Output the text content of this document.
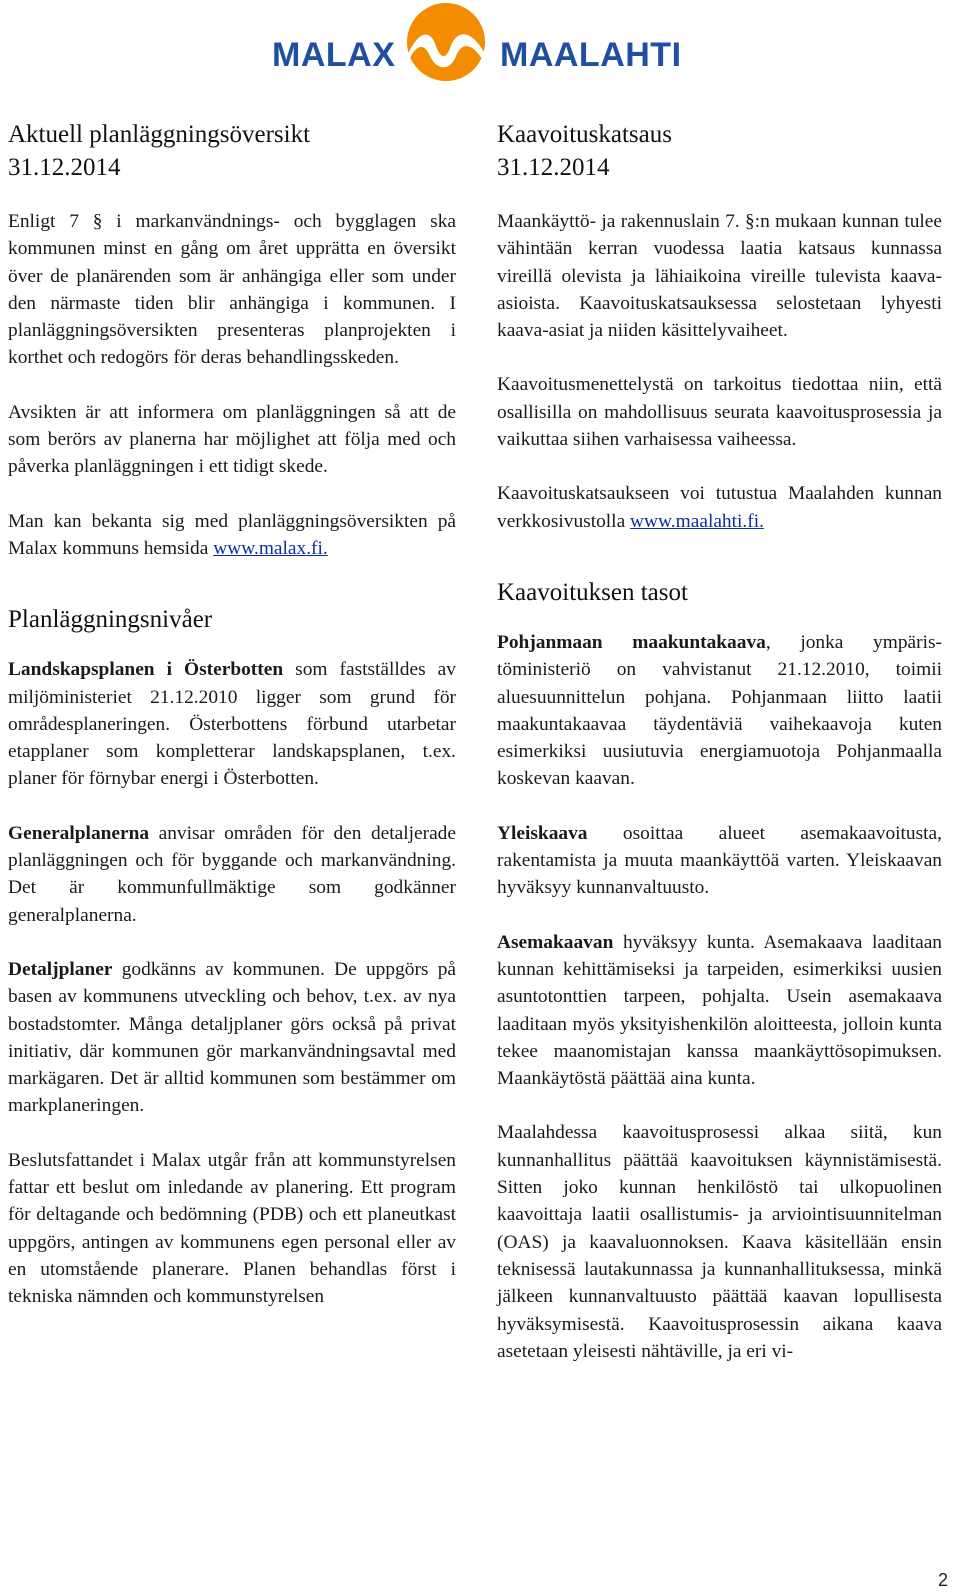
MALAX	MAALAHTI
Aktuell planläggningsöversikt
31.12.2014

Enligt 7 § i markanvändnings- och bygglagen ska kommunen minst en gång om året upprätta en översikt över de planärenden som är anhängiga eller som under den närmaste tiden blir anhängiga i kommunen. I planläggningsöversikten presenteras planprojekten i korthet och redogörs för deras behandlingsskeden.

Avsikten är att informera om planläggningen så att de som berörs av planerna har möjlighet att följa med och påverka planläggningen i ett tidigt skede.

Man kan bekanta sig med planläggningsöversikten på Malax kommuns hemsida www.malax.fi.

Planläggningsnivåer

Landskapsplanen i Österbotten som fastställdes av miljöministeriet 21.12.2010 ligger som grund för områdesplaneringen. Österbottens förbund utarbetar etapplaner som kompletterar landskapsplanen, t.ex. planer för förnybar energi i Österbotten.

Generalplanerna anvisar områden för den detaljerade planläggningen och för byggande och markanvändning. Det är kommunfullmäktige som godkänner generalplanerna.

Detaljplaner godkänns av kommunen. De uppgörs på basen av kommunens utveckling och behov, t.ex. av nya bostadstomter. Många detaljplaner görs också på privat initiativ, där kommunen gör markanvändningsavtal med markägaren. Det är alltid kommunen som bestämmer om markplaneringen.

Beslutsfattandet i Malax utgår från att kommunstyrelsen fattar ett beslut om inledande av planering. Ett program för deltagande och bedömning (PDB) och ett planeutkast uppgörs, antingen av kommunens egen personal eller av en utomstående planerare. Planen behandlas först i tekniska nämnden och kommunstyrelsen

Kaavoituskatsaus
31.12.2014

Maankäyttö- ja rakennuslain 7. §:n mukaan kunnan tulee vähintään kerran vuodessa laatia katsaus kunnassa vireillä olevista ja lähiaikoina vireille tulevista kaava-asioista. Kaavoituskatsauksessa selostetaan lyhyesti kaava-asiat ja niiden käsittelyvaiheet.

Kaavoitusmenettelystä on tarkoitus tiedottaa niin, että osallisilla on mahdollisuus seurata kaavoitusprosessia ja vaikuttaa siihen varhaisessa vaiheessa.

Kaavoituskatsaukseen voi tutustua Maalahden kunnan verkkosivustolla www.maalahti.fi.

Kaavoituksen tasot

Pohjanmaan maakuntakaava, jonka ympäristöministeriö on vahvistanut 21.12.2010, toimii aluesuunnittelun pohjana. Pohjanmaan liitto laatii maakuntakaavaa täydentäviä vaihekaavoja kuten esimerkiksi uusiutuvia energiamuotoja Pohjanmaalla koskevan kaavan.

Yleiskaava osoittaa alueet asemakaavoitusta, rakentamista ja muuta maankäyttöä varten. Yleiskaavan hyväksyy kunnanvaltuusto.

Asemakaavan hyväksyy kunta. Asemakaava laaditaan kunnan kehittämiseksi ja tarpeiden, esimerkiksi uusien asuntotonttien tarpeen, pohjalta. Usein asemakaava laaditaan myös yksityishenkilön aloitteesta, jolloin kunta tekee maanomistajan kanssa maankäyttösopimuksen. Maankäytöstä päättää aina kunta.

Maalahdessa kaavoitusprosessi alkaa siitä, kun kunnanhallitus päättää kaavoituksen käynnistämisestä. Sitten joko kunnan henkilöstö tai ulkopuolinen kaavoittaja laatii osallistumis- ja arviointisuunnitelman (OAS) ja kaavaluonnoksen. Kaava käsitellään ensin teknisessä lautakunnassa ja kunnanhallituksessa, minkä jälkeen kunnanvaltuusto päättää kaavan lopullisesta hyväksymisestä. Kaavoitusprosessin aikana kaava asetetaan yleisesti nähtäville, ja eri vi-

2
